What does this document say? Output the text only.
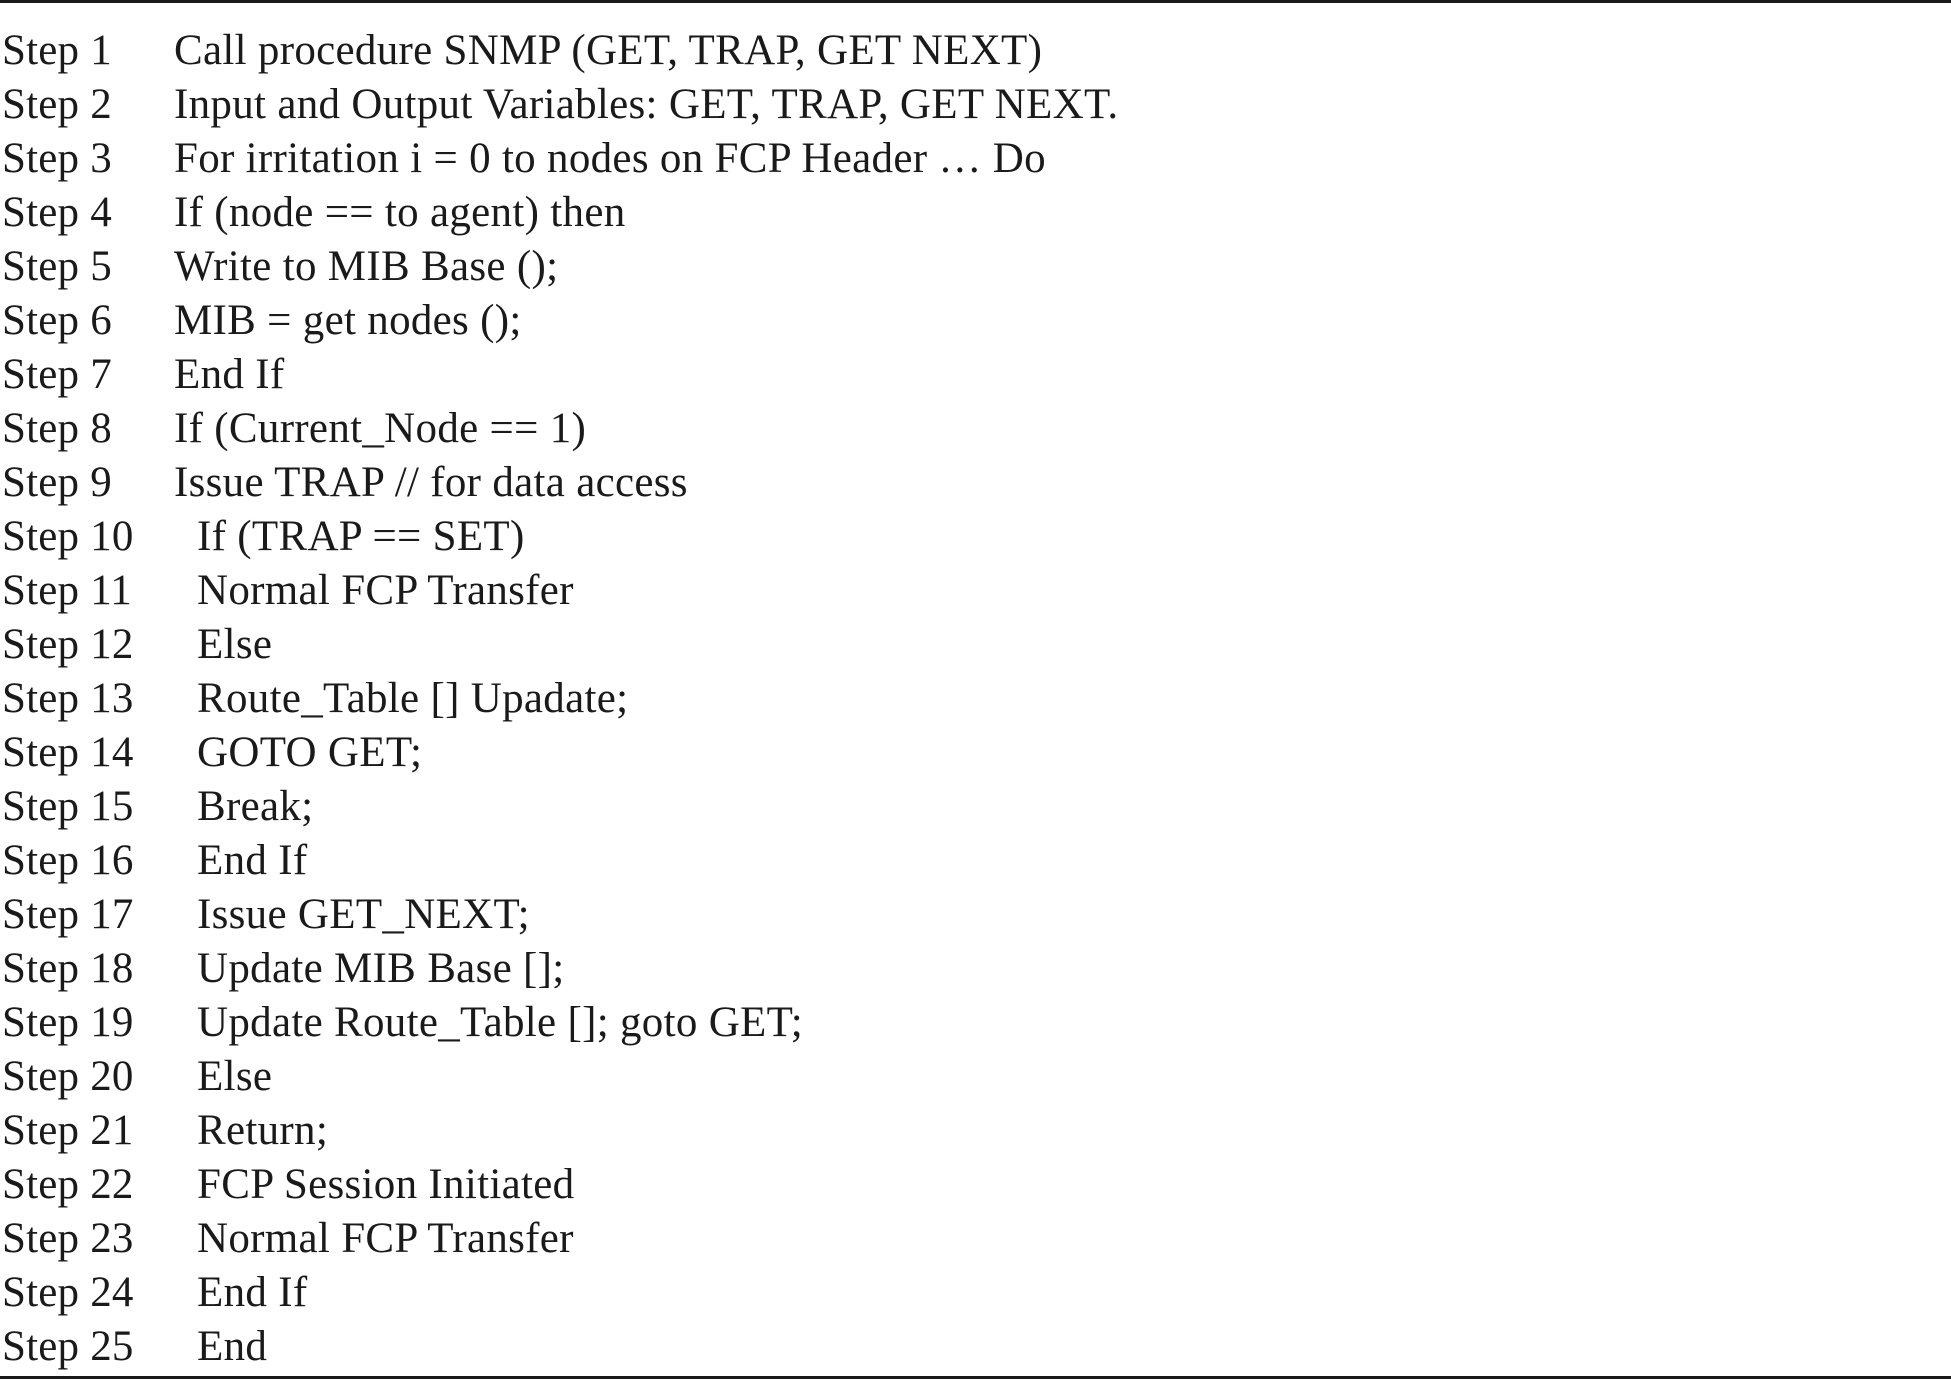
Step 1 Call procedure SNMP (GET, TRAP, GET NEXT)
Step 2 Input and Output Variables: GET, TRAP, GET NEXT.
Step 3 For irritation i = 0 to nodes on FCP Header … Do
Step 4 If (node == to agent) then
Step 5 Write to MIB Base ();
Step 6 MIB = get nodes ();
Step 7 End If
Step 8 If (Current_Node == 1)
Step 9 Issue TRAP // for data access
Step 10 If (TRAP == SET)
Step 11 Normal FCP Transfer
Step 12 Else
Step 13 Route_Table [] Upadate;
Step 14 GOTO GET;
Step 15 Break;
Step 16 End If
Step 17 Issue GET_NEXT;
Step 18 Update MIB Base [];
Step 19 Update Route_Table []; goto GET;
Step 20 Else
Step 21 Return;
Step 22 FCP Session Initiated
Step 23 Normal FCP Transfer
Step 24 End If
Step 25 End
